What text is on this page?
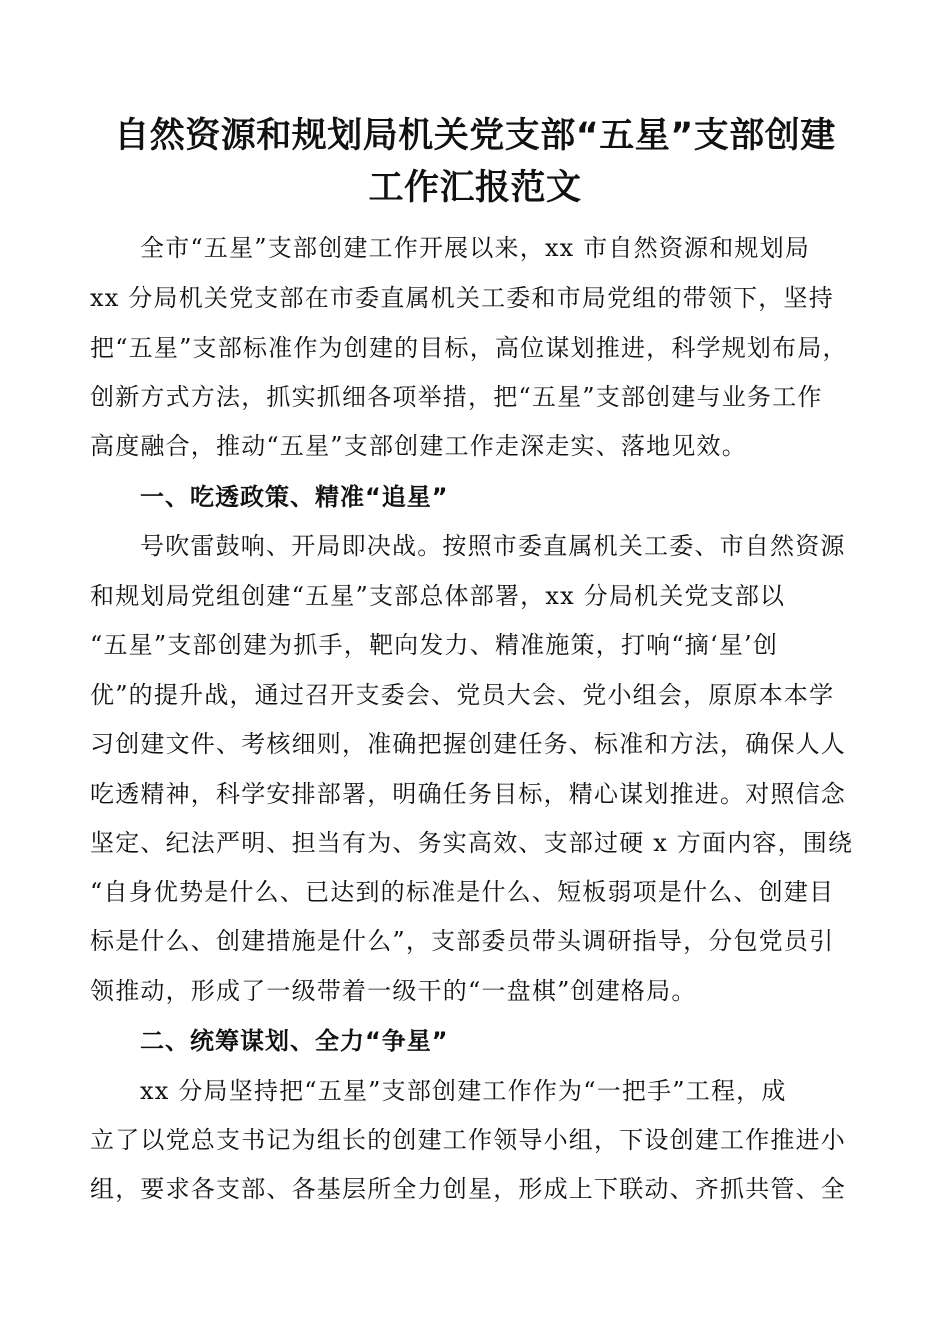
自然资源和规划局机关党支部“五星”支部创建
工作汇报范文

全市“五星”支部创建工作开展以来，xx 市自然资源和规划局

xx 分局机关党支部在市委直属机关工委和市局党组的带领下，坚持

把“五星”支部标准作为创建的目标，高位谋划推进，科学规划布局，

创新方式方法，抓实抓细各项举措，把“五星”支部创建与业务工作

高度融合，推动“五星”支部创建工作走深走实、落地见效。

一、吃透政策、精准“追星”

号吹雷鼓响、开局即决战。按照市委直属机关工委、市自然资源

和规划局党组创建“五星”支部总体部署，xx 分局机关党支部以

“五星”支部创建为抓手，靶向发力、精准施策，打响“摘‘星’创

优”的提升战，通过召开支委会、党员大会、党小组会，原原本本学

习创建文件、考核细则，准确把握创建任务、标准和方法，确保人人

吃透精神，科学安排部署，明确任务目标，精心谋划推进。对照信念

坚定、纪法严明、担当有为、务实高效、支部过硬 x 方面内容，围绕

“自身优势是什么、已达到的标准是什么、短板弱项是什么、创建目

标是什么、创建措施是什么”，支部委员带头调研指导，分包党员引

领推动，形成了一级带着一级干的“一盘棋”创建格局。

二、统筹谋划、全力“争星”

xx 分局坚持把“五星”支部创建工作作为“一把手”工程，成

立了以党总支书记为组长的创建工作领导小组，下设创建工作推进小

组，要求各支部、各基层所全力创星，形成上下联动、齐抓共管、全
